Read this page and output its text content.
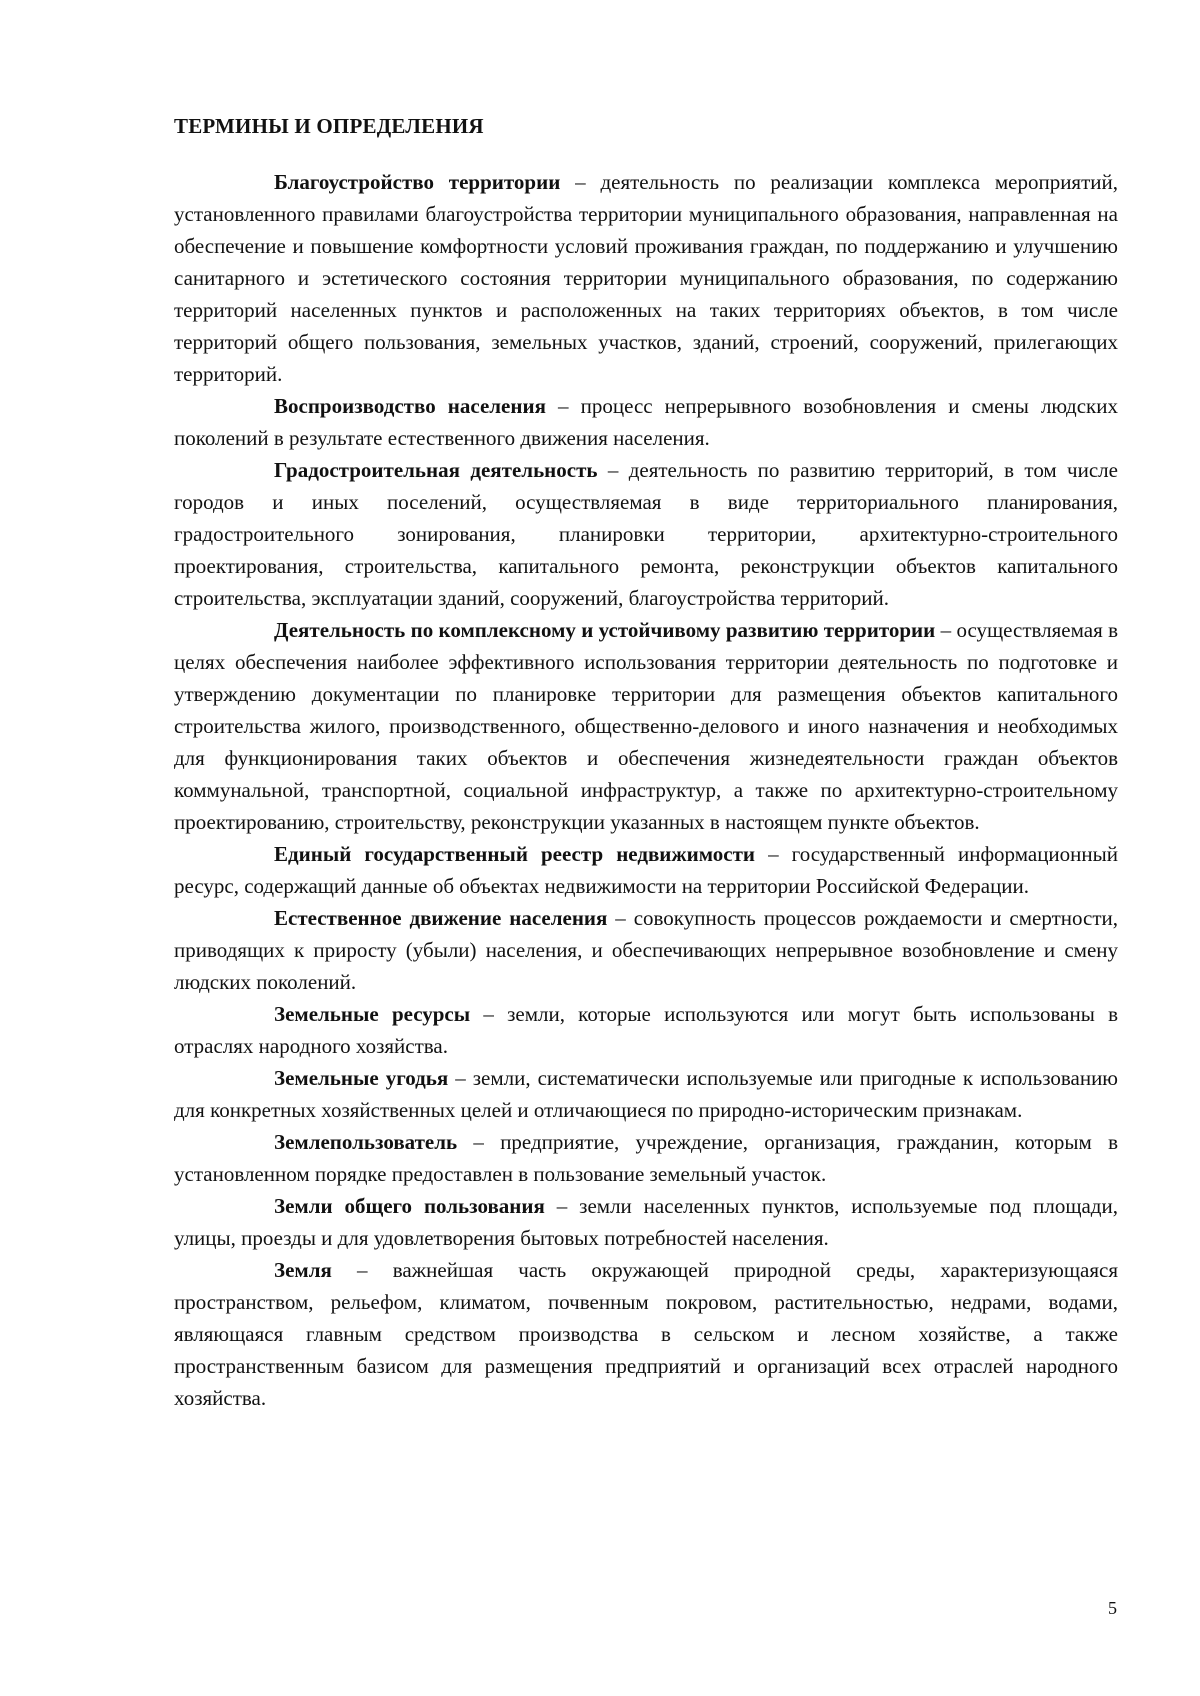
ТЕРМИНЫ И ОПРЕДЕЛЕНИЯ

Благоустройство территории – деятельность по реализации комплекса мероприятий, установленного правилами благоустройства территории муниципального образования, направленная на обеспечение и повышение комфортности условий проживания граждан, по поддержанию и улучшению санитарного и эстетического состояния территории муниципального образования, по содержанию территорий населенных пунктов и расположенных на таких территориях объектов, в том числе территорий общего пользования, земельных участков, зданий, строений, сооружений, прилегающих территорий.

Воспроизводство населения – процесс непрерывного возобновления и смены людских поколений в результате естественного движения населения.

Градостроительная деятельность – деятельность по развитию территорий, в том числе городов и иных поселений, осуществляемая в виде территориального планирования, градостроительного зонирования, планировки территории, архитектурно-строительного проектирования, строительства, капитального ремонта, реконструкции объектов капитального строительства, эксплуатации зданий, сооружений, благоустройства территорий.

Деятельность по комплексному и устойчивому развитию территории – осуществляемая в целях обеспечения наиболее эффективного использования территории деятельность по подготовке и утверждению документации по планировке территории для размещения объектов капитального строительства жилого, производственного, общественно-делового и иного назначения и необходимых для функционирования таких объектов и обеспечения жизнедеятельности граждан объектов коммунальной, транспортной, социальной инфраструктур, а также по архитектурно-строительному проектированию, строительству, реконструкции указанных в настоящем пункте объектов.

Единый государственный реестр недвижимости – государственный информационный ресурс, содержащий данные об объектах недвижимости на территории Российской Федерации.

Естественное движение населения – совокупность процессов рождаемости и смертности, приводящих к приросту (убыли) населения, и обеспечивающих непрерывное возобновление и смену людских поколений.

Земельные ресурсы – земли, которые используются или могут быть использованы в отраслях народного хозяйства.

Земельные угодья – земли, систематически используемые или пригодные к использованию для конкретных хозяйственных целей и отличающиеся по природно-историческим признакам.

Землепользователь – предприятие, учреждение, организация, гражданин, которым в установленном порядке предоставлен в пользование земельный участок.

Земли общего пользования – земли населенных пунктов, используемые под площади, улицы, проезды и для удовлетворения бытовых потребностей населения.

Земля – важнейшая часть окружающей природной среды, характеризующаяся пространством, рельефом, климатом, почвенным покровом, растительностью, недрами, водами, являющаяся главным средством производства в сельском и лесном хозяйстве, а также пространственным базисом для размещения предприятий и организаций всех отраслей народного хозяйства.

5
